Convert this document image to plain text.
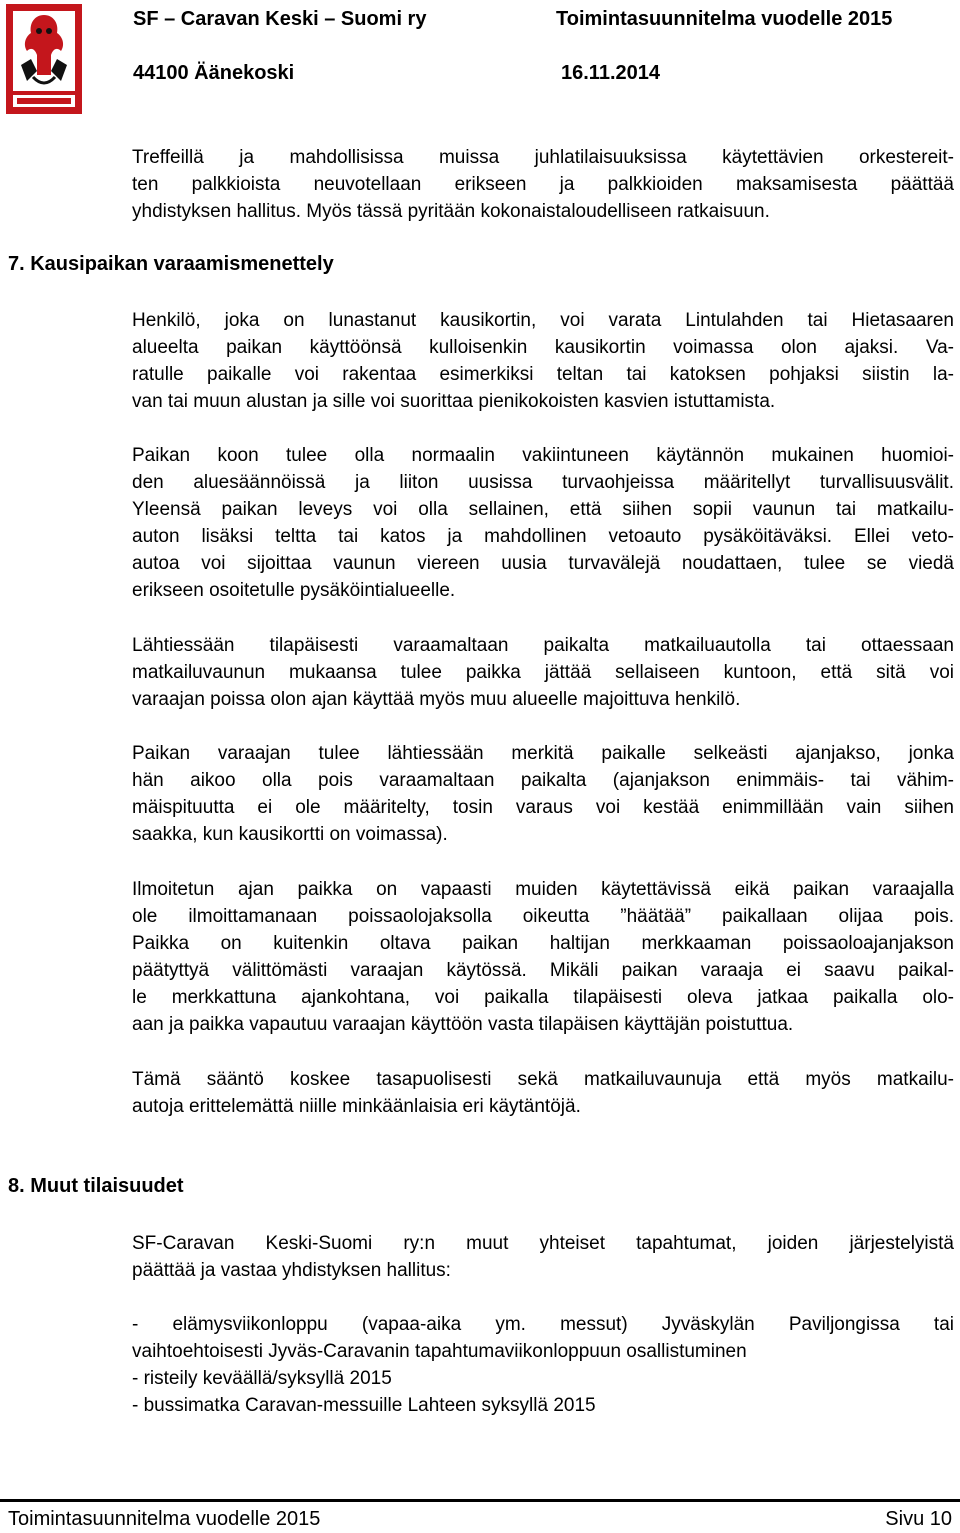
SF – Caravan Keski – Suomi ry	Toimintasuunnitelma vuodelle 2015
44100 Äänekoski	16.11.2014
Treffeillä ja mahdollisissa muissa juhlatilaisuuksissa käytettävien orkestereit-
ten palkkioista neuvotellaan erikseen ja palkkioiden maksamisesta päättää
yhdistyksen hallitus. Myös tässä pyritään kokonaistaloudelliseen ratkaisuun.
7. Kausipaikan varaamismenettely
Henkilö, joka on lunastanut kausikortin, voi varata Lintulahden tai Hietasaaren
alueelta paikan käyttöönsä kulloisenkin kausikortin voimassa olon ajaksi. Va-
ratulle paikalle voi rakentaa esimerkiksi teltan tai katoksen pohjaksi siistin la-
van tai muun alustan ja sille voi suorittaa pienikokoisten kasvien istuttamista.
Paikan koon tulee olla normaalin vakiintuneen käytännön mukainen huomioi-
den aluesäännöissä ja liiton uusissa turvaohjeissa määritellyt turvallisuusvälit.
Yleensä paikan leveys voi olla sellainen, että siihen sopii vaunun tai matkailu-
auton lisäksi teltta tai katos ja mahdollinen vetoauto pysäköitäväksi. Ellei veto-
autoa voi sijoittaa vaunun viereen uusia turvavälejä noudattaen, tulee se viedä
erikseen osoitetulle pysäköintialueelle.
Lähtiessään tilapäisesti varaamaltaan paikalta matkailuautolla tai ottaessaan
matkailuvaunun mukaansa tulee paikka jättää sellaiseen kuntoon, että sitä voi
varaajan poissa olon ajan käyttää myös muu alueelle majoittuva henkilö.
Paikan varaajan tulee lähtiessään merkitä paikalle selkeästi ajanjakso, jonka
hän aikoo olla pois varaamaltaan paikalta (ajanjakson enimmäis- tai vähim-
mäispituutta ei ole määritelty, tosin varaus voi kestää enimmillään vain siihen
saakka, kun kausikortti on voimassa).
Ilmoitetun ajan paikka on vapaasti muiden käytettävissä eikä paikan varaajalla
ole ilmoittamanaan poissaolojaksolla oikeutta ”häätää” paikallaan olijaa pois.
Paikka on kuitenkin oltava paikan haltijan merkkaaman poissaoloajanjakson
päätyttyä välittömästi varaajan käytössä. Mikäli paikan varaaja ei saavu paikal-
le merkkattuna ajankohtana, voi paikalla tilapäisesti oleva jatkaa paikalla olo-
aan ja paikka vapautuu varaajan käyttöön vasta tilapäisen käyttäjän poistuttua.
Tämä sääntö koskee tasapuolisesti sekä matkailuvaunuja että myös matkailu-
autoja erittelemättä niille minkäänlaisia eri käytäntöjä.
8. Muut tilaisuudet
SF-Caravan Keski-Suomi ry:n muut yhteiset tapahtumat, joiden järjestelyistä
päättää ja vastaa yhdistyksen hallitus:
- elämysviikonloppu (vapaa-aika ym. messut) Jyväskylän Paviljongissa tai
vaihtoehtoisesti Jyväs-Caravanin tapahtumaviikonloppuun osallistuminen
- risteily keväällä/syksyllä 2015
- bussimatka Caravan-messuille Lahteen syksyllä 2015
Toimintasuunnitelma vuodelle 2015	Sivu 10
